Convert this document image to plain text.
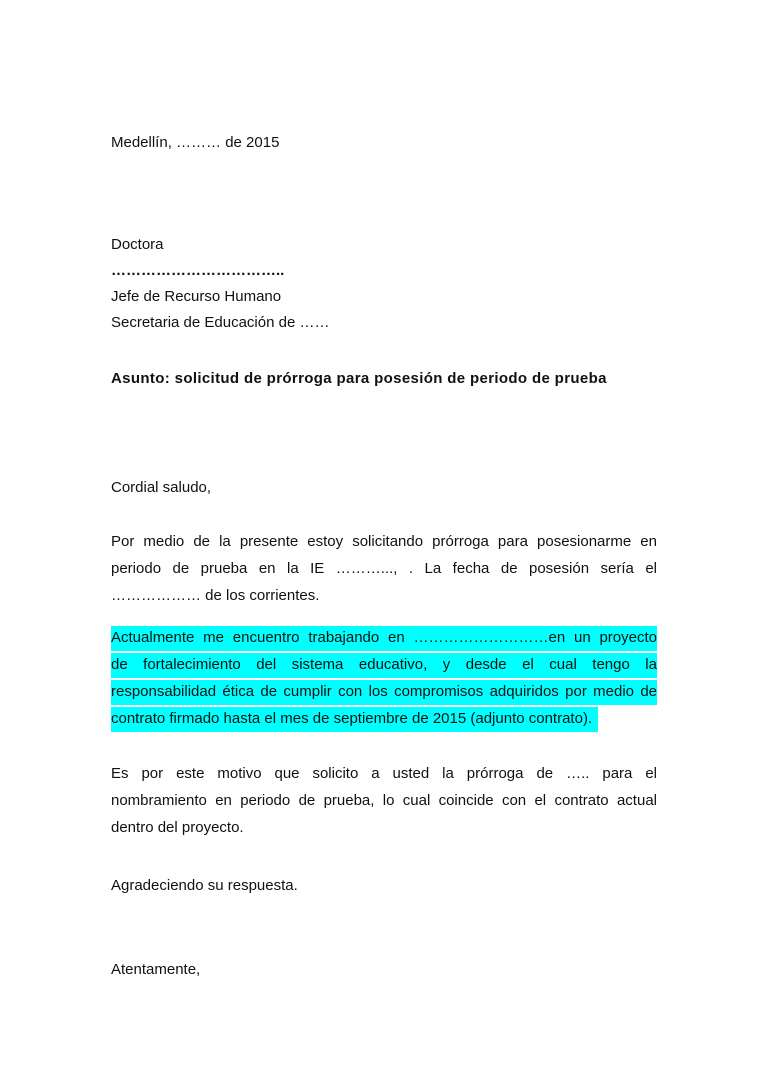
Medellín, ……… de 2015
Doctora
……………………………..
Jefe de Recurso Humano
Secretaria de Educación de ……
Asunto: solicitud de prórroga para posesión de periodo de prueba
Cordial saludo,
Por medio de la presente estoy solicitando prórroga para posesionarme en
periodo de prueba en la IE ………..., . La fecha de posesión sería el
……………… de los corrientes.
Actualmente me encuentro trabajando en ………………………en un proyecto
de fortalecimiento del sistema educativo, y desde el cual tengo la
responsabilidad ética de cumplir con los compromisos adquiridos por medio de
contrato firmado hasta el mes de septiembre de 2015 (adjunto contrato).
Es por este motivo que solicito a usted la prórroga de ….. para el
nombramiento en periodo de prueba, lo cual coincide con el contrato actual
dentro del proyecto.
Agradeciendo su respuesta.
Atentamente,
